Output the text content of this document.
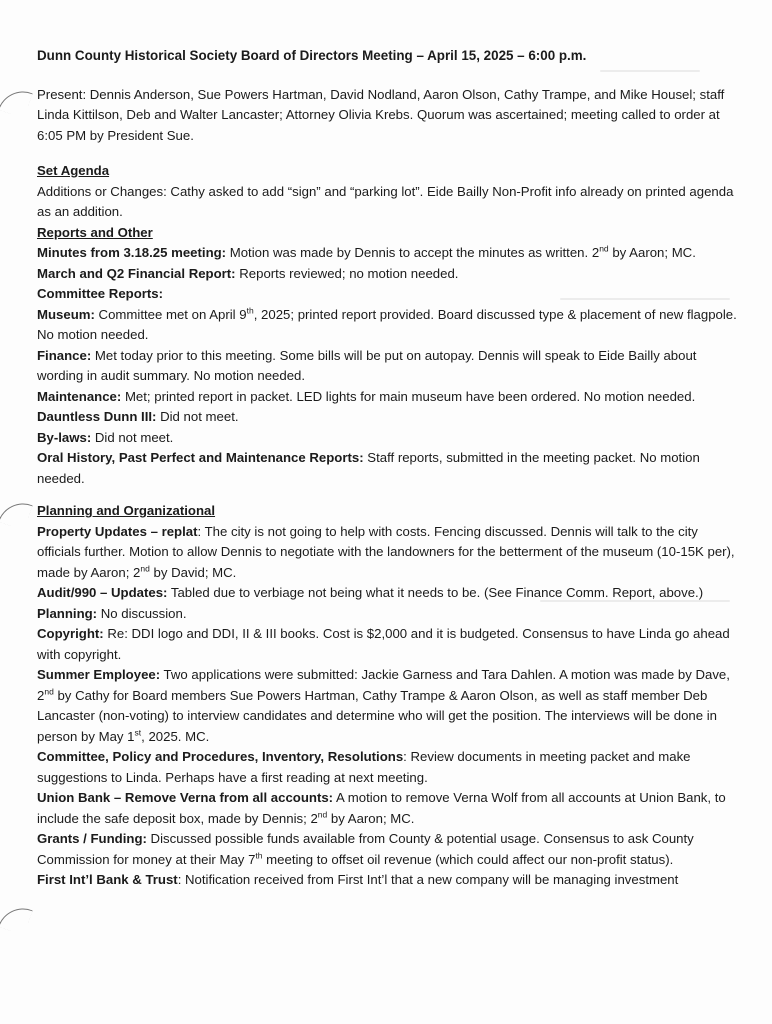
Dunn County Historical Society Board of Directors Meeting – April 15, 2025 – 6:00 p.m.

Present: Dennis Anderson, Sue Powers Hartman, David Nodland, Aaron Olson, Cathy Trampe, and Mike Housel; staff Linda Kittilson, Deb and Walter Lancaster; Attorney Olivia Krebs. Quorum was ascertained; meeting called to order at 6:05 PM by President Sue.

Set Agenda

Additions or Changes: Cathy asked to add “sign” and “parking lot”. Eide Bailly Non-Profit info already on printed agenda as an addition.

Reports and Other

Minutes from 3.18.25 meeting: Motion was made by Dennis to accept the minutes as written. 2nd by Aaron; MC.

March and Q2 Financial Report: Reports reviewed; no motion needed.

Committee Reports:

Museum: Committee met on April 9th, 2025; printed report provided. Board discussed type & placement of new flagpole. No motion needed.

Finance: Met today prior to this meeting. Some bills will be put on autopay. Dennis will speak to Eide Bailly about wording in audit summary. No motion needed.

Maintenance: Met; printed report in packet. LED lights for main museum have been ordered. No motion needed.

Dauntless Dunn III: Did not meet.

By-laws: Did not meet.

Oral History, Past Perfect and Maintenance Reports: Staff reports, submitted in the meeting packet. No motion needed.

Planning and Organizational

Property Updates – replat: The city is not going to help with costs. Fencing discussed. Dennis will talk to the city officials further. Motion to allow Dennis to negotiate with the landowners for the betterment of the museum (10-15K per), made by Aaron; 2nd by David; MC.

Audit/990 – Updates: Tabled due to verbiage not being what it needs to be. (See Finance Comm. Report, above.)

Planning: No discussion.

Copyright: Re: DDI logo and DDI, II & III books. Cost is $2,000 and it is budgeted. Consensus to have Linda go ahead with copyright.

Summer Employee: Two applications were submitted: Jackie Garness and Tara Dahlen. A motion was made by Dave, 2nd by Cathy for Board members Sue Powers Hartman, Cathy Trampe & Aaron Olson, as well as staff member Deb Lancaster (non-voting) to interview candidates and determine who will get the position. The interviews will be done in person by May 1st, 2025. MC.

Committee, Policy and Procedures, Inventory, Resolutions: Review documents in meeting packet and make suggestions to Linda. Perhaps have a first reading at next meeting.

Union Bank – Remove Verna from all accounts: A motion to remove Verna Wolf from all accounts at Union Bank, to include the safe deposit box, made by Dennis; 2nd by Aaron; MC.

Grants / Funding: Discussed possible funds available from County & potential usage. Consensus to ask County Commission for money at their May 7th meeting to offset oil revenue (which could affect our non-profit status).

First Int’l Bank & Trust: Notification received from First Int’l that a new company will be managing investment
